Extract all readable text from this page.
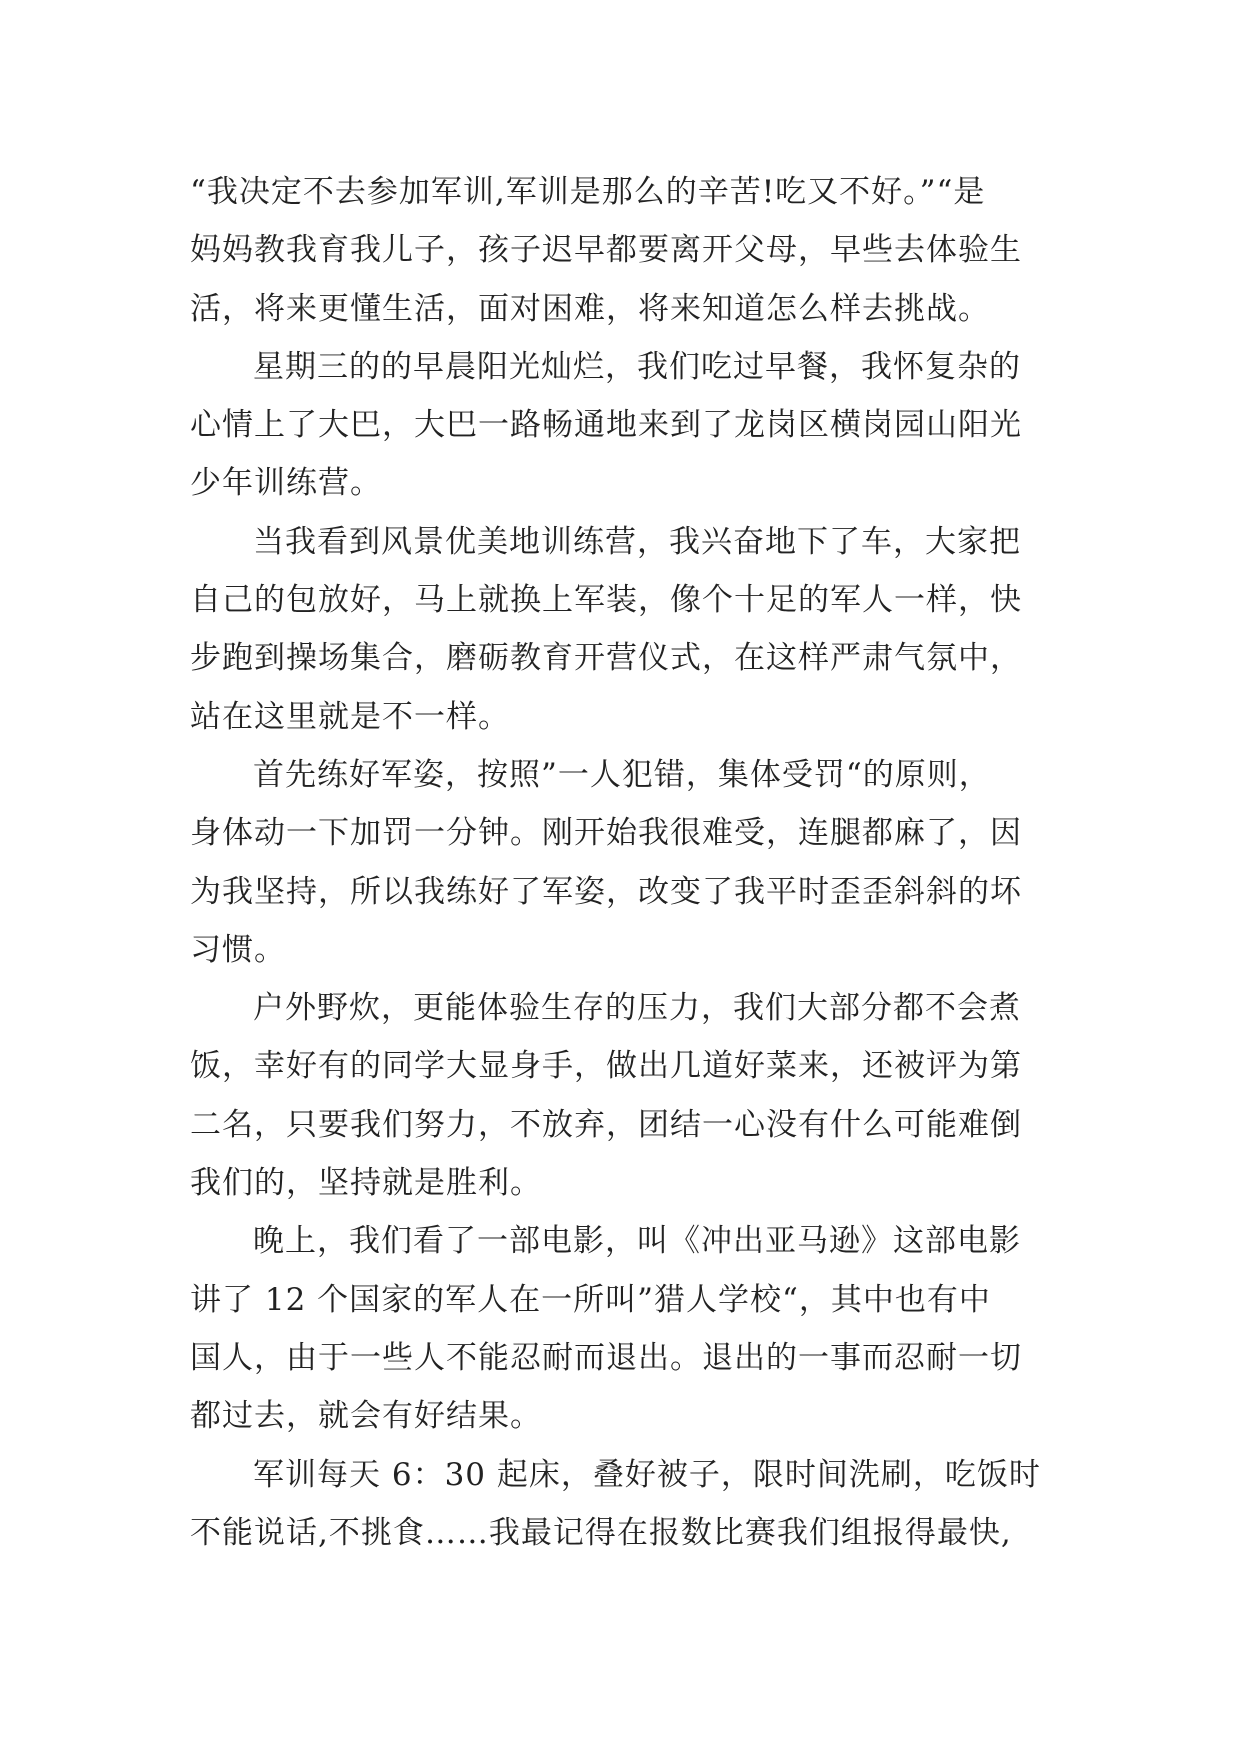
“我决定不去参加军训,军训是那么的辛苦!吃又不好。”“是
妈妈教我育我儿子，孩子迟早都要离开父母，早些去体验生
活，将来更懂生活，面对困难，将来知道怎么样去挑战。
星期三的的早晨阳光灿烂，我们吃过早餐，我怀复杂的
心情上了大巴，大巴一路畅通地来到了龙岗区横岗园山阳光
少年训练营。
当我看到风景优美地训练营，我兴奋地下了车，大家把
自己的包放好，马上就换上军装，像个十足的军人一样，快
步跑到操场集合，磨砺教育开营仪式，在这样严肃气氛中，
站在这里就是不一样。
首先练好军姿，按照”一人犯错，集体受罚“的原则，
身体动一下加罚一分钟。刚开始我很难受，连腿都麻了，因
为我坚持，所以我练好了军姿，改变了我平时歪歪斜斜的坏
习惯。
户外野炊，更能体验生存的压力，我们大部分都不会煮
饭，幸好有的同学大显身手，做出几道好菜来，还被评为第
二名，只要我们努力，不放弃，团结一心没有什么可能难倒
我们的，坚持就是胜利。
晚上，我们看了一部电影，叫《冲出亚马逊》这部电影
讲了 12 个国家的军人在一所叫”猎人学校“，其中也有中
国人，由于一些人不能忍耐而退出。退出的一事而忍耐一切
都过去，就会有好结果。
军训每天 6：30 起床，叠好被子，限时间洗刷，吃饭时
不能说话,不挑食……我最记得在报数比赛我们组报得最快,
